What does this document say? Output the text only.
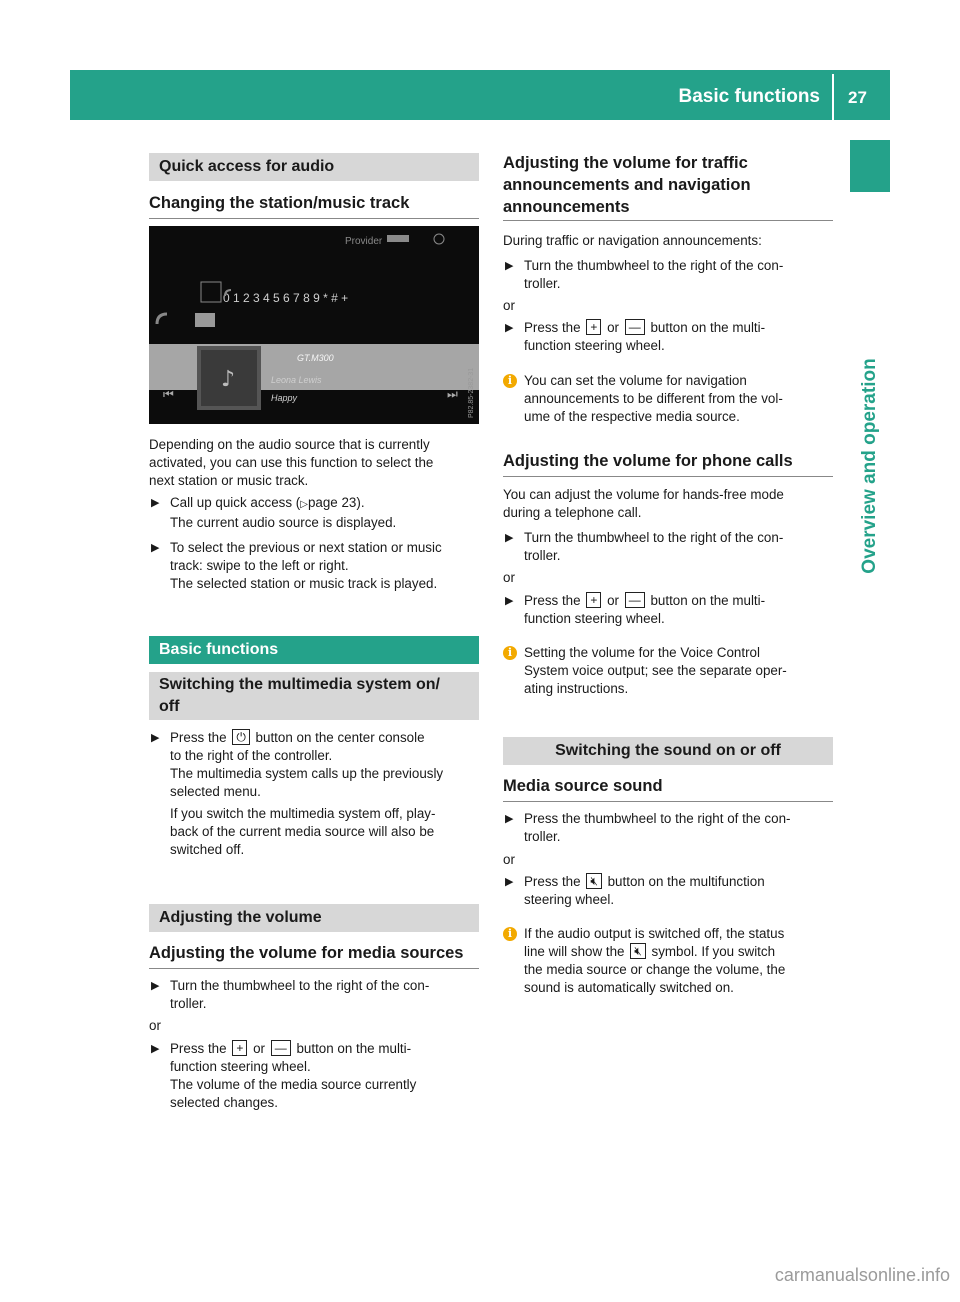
Basic functions 27
Overview and operation
Quick access for audio
Changing the station/music track
Provider
0 1 2 3 4 5 6 7 8 9 * # +
♪
GT.M300
Leona Lewis
Happy
⏮	⏭ P82.85-2382-31
Depending on the audio source that is currently
activated, you can use this function to select the
next station or music track.
▶ Call up quick access (▷page 23).
The current audio source is displayed.
▶ To select the previous or next station or music
track: swipe to the left or right.
The selected station or music track is played.
Basic functions
Switching the multimedia system on/
off
▶ Press the ⏻ button on the center console
to the right of the controller.
The multimedia system calls up the previously
selected menu.
If you switch the multimedia system off, play-
back of the current media source will also be
switched off.
Adjusting the volume
Adjusting the volume for media sources
▶ Turn the thumbwheel to the right of the con-
troller.
or
▶ Press the + or — button on the multi-
function steering wheel.
The volume of the media source currently
selected changes.
Adjusting the volume for traffic
announcements and navigation
announcements
During traffic or navigation announcements:
▶ Turn the thumbwheel to the right of the con-
troller.
or
▶ Press the + or — button on the multi-
function steering wheel.
i You can set the volume for navigation
announcements to be different from the vol-
ume of the respective media source.
Adjusting the volume for phone calls
You can adjust the volume for hands-free mode
during a telephone call.
▶ Turn the thumbwheel to the right of the con-
troller.
or
▶ Press the + or — button on the multi-
function steering wheel.
i Setting the volume for the Voice Control
System voice output; see the separate oper-
ating instructions.
Switching the sound on or off
Media source sound
▶ Press the thumbwheel to the right of the con-
troller.
or
▶ Press the 🔇︎ button on the multifunction
steering wheel.
i If the audio output is switched off, the status
line will show the 🔇︎ symbol. If you switch
the media source or change the volume, the
sound is automatically switched on.
carmanualsonline.info
